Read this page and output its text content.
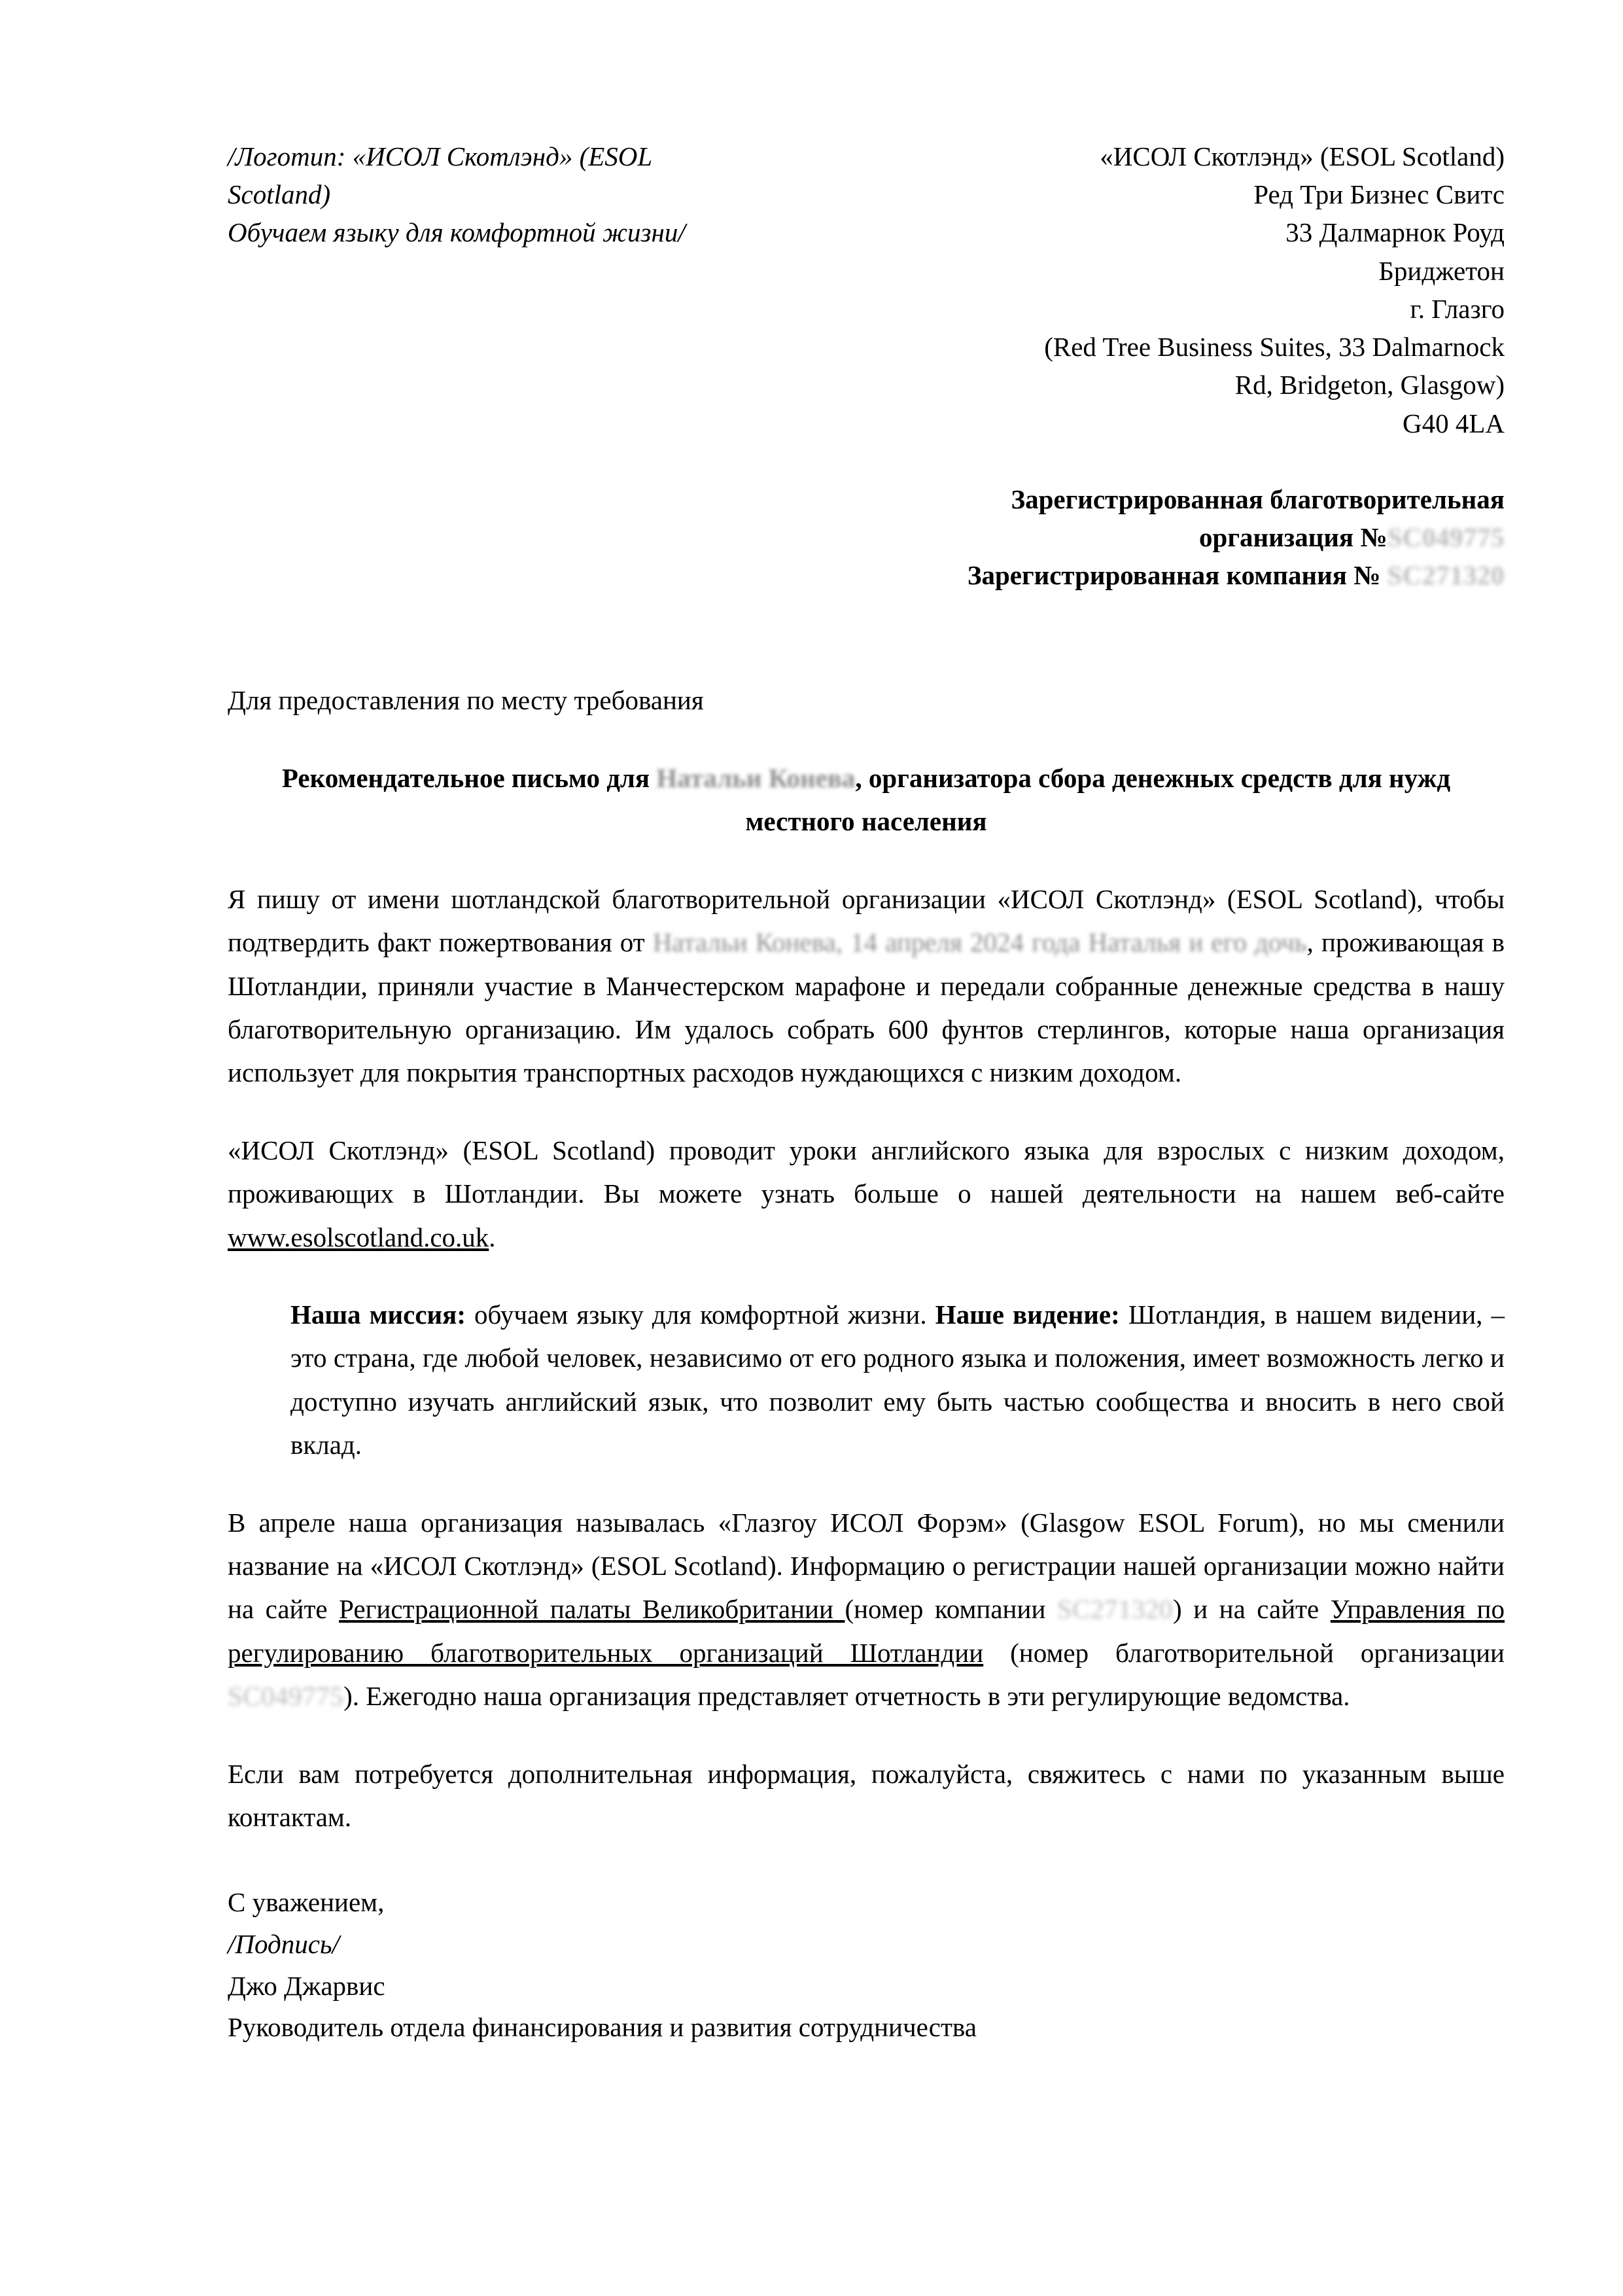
/Логотип: «ИСОЛ Скотлэнд» (ESOL
Scotland)
Обучаем языку для комфортной жизни/
«ИСОЛ Скотлэнд» (ESOL Scotland)
Ред Три Бизнес Свитс
33 Далмарнок Роуд
Бриджетон
г. Глазго
(Red Tree Business Suites, 33 Dalmarnock
Rd, Bridgeton, Glasgow)
G40 4LA
Зарегистрированная благотворительная организация №SC049775
Зарегистрированная компания № SC271320
Для предоставления по месту требования
Рекомендательное письмо для Натальи Конева, организатора сбора денежных средств для нужд местного населения

Я пишу от имени шотландской благотворительной организации «ИСОЛ Скотлэнд» (ESOL Scotland), чтобы подтвердить факт пожертвования от Натальи Конева, 14 апреля 2024 года Наталья и его дочь, проживающая в Шотландии, приняли участие в Манчестерском марафоне и передали собранные денежные средства в нашу благотворительную организацию. Им удалось собрать 600 фунтов стерлингов, которые наша организация использует для покрытия транспортных расходов нуждающихся с низким доходом.

«ИСОЛ Скотлэнд» (ESOL Scotland) проводит уроки английского языка для взрослых с низким доходом, проживающих в Шотландии. Вы можете узнать больше о нашей деятельности на нашем веб-сайте www.esolscotland.co.uk.

Наша миссия: обучаем языку для комфортной жизни. Наше видение: Шотландия, в нашем видении, – это страна, где любой человек, независимо от его родного языка и положения, имеет возможность легко и доступно изучать английский язык, что позволит ему быть частью сообщества и вносить в него свой вклад.

В апреле наша организация называлась «Глазгоу ИСОЛ Форэм» (Glasgow ESOL Forum), но мы сменили название на «ИСОЛ Скотлэнд» (ESOL Scotland). Информацию о регистрации нашей организации можно найти на сайте Регистрационной палаты Великобритании (номер компании SC271320) и на сайте Управления по регулированию благотворительных организаций Шотландии (номер благотворительной организации SC049775). Ежегодно наша организация представляет отчетность в эти регулирующие ведомства.

Если вам потребуется дополнительная информация, пожалуйста, свяжитесь с нами по указанным выше контактам.

С уважением,
/Подпись/
Джо Джарвис
Руководитель отдела финансирования и развития сотрудничества
